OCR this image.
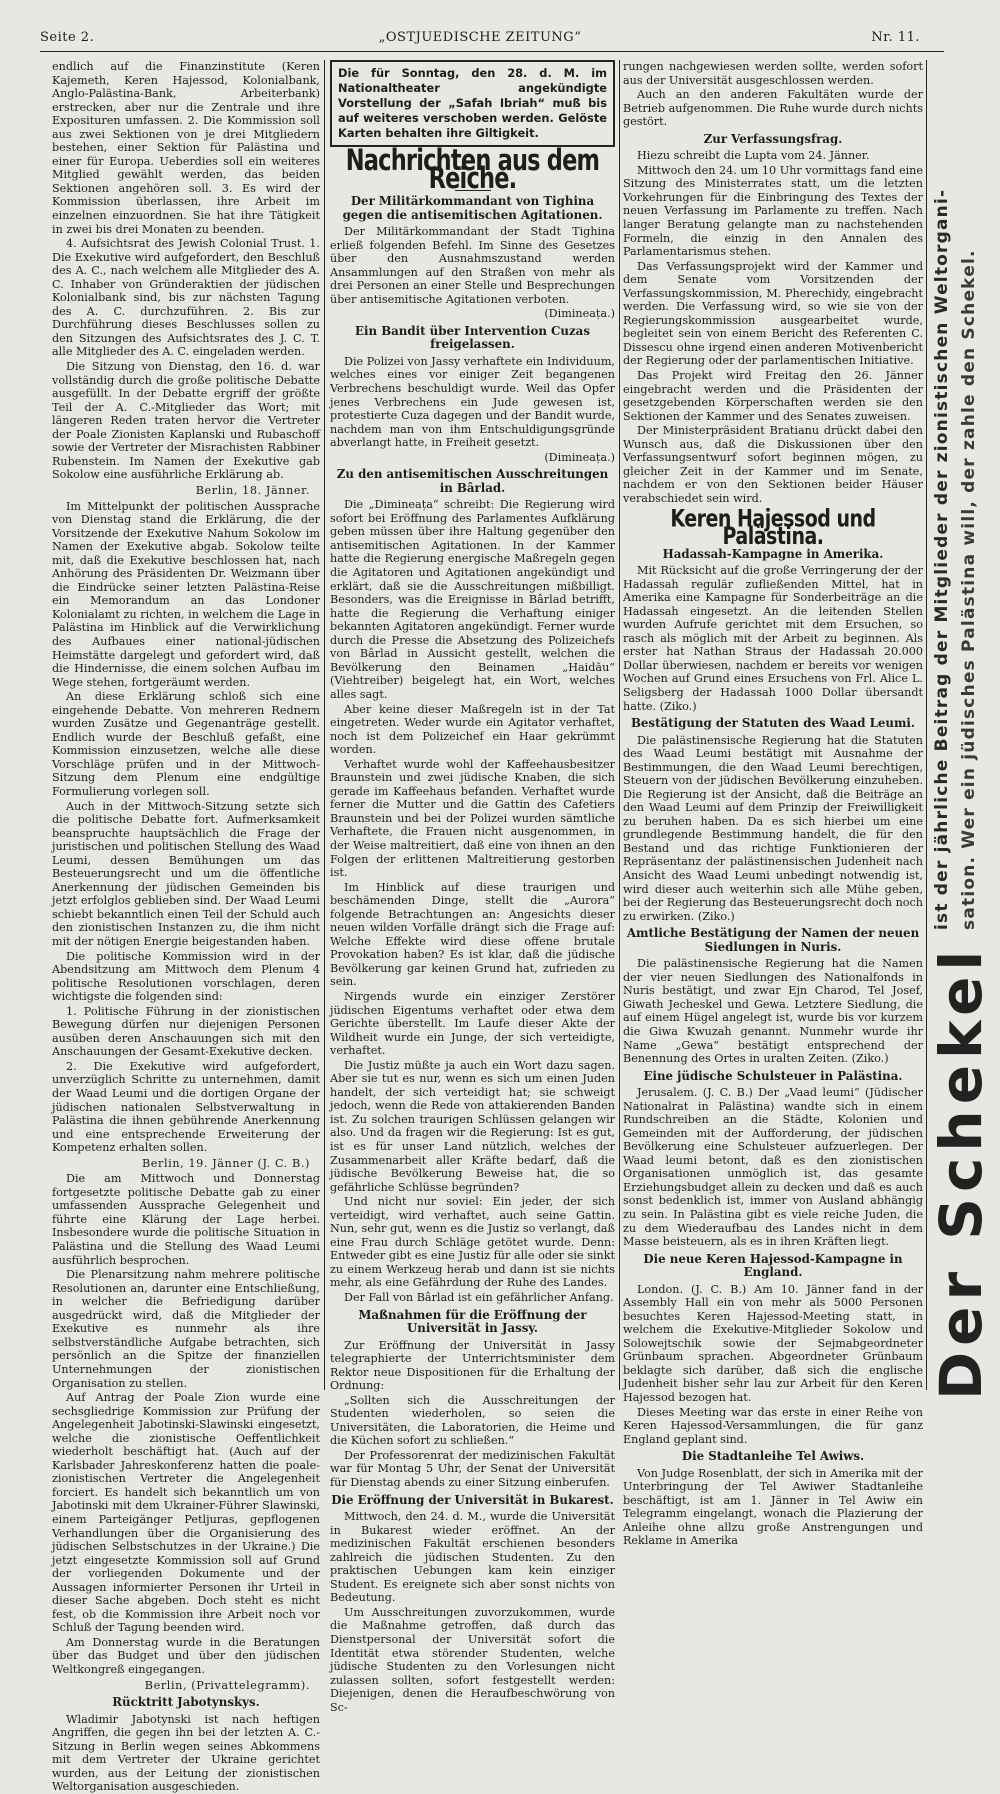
Seite 2.	„OSTJUEDISCHE ZEITUNG“	Nr. 11.

endlich auf die Finanzinstitute (Keren Kajemeth, Keren Hajessod, Kolonialbank, Anglo-Palästina-Bank, Arbeiterbank) erstrecken, aber nur die Zentrale und ihre Exposituren umfassen. 2. Die Kommission soll aus zwei Sektionen von je drei Mitgliedern bestehen, einer Sektion für Palästina und einer für Europa. Ueberdies soll ein weiteres Mitglied gewählt werden, das beiden Sektionen angehören soll. 3. Es wird der Kommission überlassen, ihre Arbeit im einzelnen einzuordnen. Sie hat ihre Tätigkeit in zwei bis drei Monaten zu beenden.

4. Aufsichtsrat des Jewish Colonial Trust. 1. Die Exekutive wird aufgefordert, den Beschluß des A. C., nach welchem alle Mitglieder des A. C. Inhaber von Gründeraktien der jüdischen Kolonialbank sind, bis zur nächsten Tagung des A. C. durchzuführen. 2. Bis zur Durchführung dieses Beschlusses sollen zu den Sitzungen des Aufsichtsrates des J. C. T. alle Mitglieder des A. C. eingeladen werden.

Die Sitzung von Dienstag, den 16. d. war vollständig durch die große politische Debatte ausgefüllt. In der Debatte ergriff der größte Teil der A. C.-Mitglieder das Wort; mit längeren Reden traten hervor die Vertreter der Poale Zionisten Kaplanski und Rubaschoff sowie der Vertreter der Misrachisten Rabbiner Rubenstein. Im Namen der Exekutive gab Sokolow eine ausführliche Erklärung ab.

Berlin, 18. Jänner.

Im Mittelpunkt der politischen Aussprache von Dienstag stand die Erklärung, die der Vorsitzende der Exekutive Nahum Sokolow im Namen der Exekutive abgab. Sokolow teilte mit, daß die Exekutive beschlossen hat, nach Anhörung des Präsidenten Dr. Weizmann über die Eindrücke seiner letzten Palästina-Reise ein Memorandum an das Londoner Kolonialamt zu richten, in welchem die Lage in Palästina im Hinblick auf die Verwirklichung des Aufbaues einer national-jüdischen Heimstätte dargelegt und gefordert wird, daß die Hindernisse, die einem solchen Aufbau im Wege stehen, fortgeräumt werden.

An diese Erklärung schloß sich eine eingehende Debatte. Von mehreren Rednern wurden Zusätze und Gegenanträge gestellt. Endlich wurde der Beschluß gefaßt, eine Kommission einzusetzen, welche alle diese Vorschläge prüfen und in der Mittwoch-Sitzung dem Plenum eine endgültige Formulierung vorlegen soll.

Auch in der Mittwoch-Sitzung setzte sich die politische Debatte fort. Aufmerksamkeit beanspruchte hauptsächlich die Frage der juristischen und politischen Stellung des Waad Leumi, dessen Bemühungen um das Besteuerungsrecht und um die öffentliche Anerkennung der jüdischen Gemeinden bis jetzt erfolglos geblieben sind. Der Waad Leumi schiebt bekanntlich einen Teil der Schuld auch den zionistischen Instanzen zu, die ihm nicht mit der nötigen Energie beigestanden haben.

Die politische Kommission wird in der Abendsitzung am Mittwoch dem Plenum 4 politische Resolutionen vorschlagen, deren wichtigste die folgenden sind:

1. Politische Führung in der zionistischen Bewegung dürfen nur diejenigen Personen ausüben deren Anschauungen sich mit den Anschauungen der Gesamt-Exekutive decken.

2. Die Exekutive wird aufgefordert, unverzüglich Schritte zu unternehmen, damit der Waad Leumi und die dortigen Organe der jüdischen nationalen Selbstverwaltung in Palästina die ihnen gebührende Anerkennung und eine entsprechende Erweiterung der Kompetenz erhalten sollen.

Berlin, 19. Jänner (J. C. B.)

Die am Mittwoch und Donnerstag fortgesetzte politische Debatte gab zu einer umfassenden Aussprache Gelegenheit und führte eine Klärung der Lage herbei. Insbesondere wurde die politische Situation in Palästina und die Stellung des Waad Leumi ausführlich besprochen.

Die Plenarsitzung nahm mehrere politische Resolutionen an, darunter eine Entschließung, in welcher die Befriedigung darüber ausgedrückt wird, daß die Mitglieder der Exekutive es nunmehr als ihre selbstverständliche Aufgabe betrachten, sich persönlich an die Spitze der finanziellen Unternehmungen der zionistischen Organisation zu stellen.

Auf Antrag der Poale Zion wurde eine sechsgliedrige Kommission zur Prüfung der Angelegenheit Jabotinski-Slawinski eingesetzt, welche die zionistische Oeffentlichkeit wiederholt beschäftigt hat. (Auch auf der Karlsbader Jahreskonferenz hatten die poale-zionistischen Vertreter die Angelegenheit forciert. Es handelt sich bekanntlich um von Jabotinski mit dem Ukrainer-Führer Slawinski, einem Parteigänger Petljuras, gepflogenen Verhandlungen über die Organisierung des jüdischen Selbstschutzes in der Ukraine.) Die jetzt eingesetzte Kommission soll auf Grund der vorliegenden Dokumente und der Aussagen informierter Personen ihr Urteil in dieser Sache abgeben. Doch steht es nicht fest, ob die Kommission ihre Arbeit noch vor Schluß der Tagung beenden wird.

Am Donnerstag wurde in die Beratungen über das Budget und über den jüdischen Weltkongreß eingegangen.

Berlin, (Privattelegramm).
Rücktritt Jabotynskys.

Wladimir Jabotynski ist nach heftigen Angriffen, die gegen ihn bei der letzten A. C.-Sitzung in Berlin wegen seines Abkommens mit dem Vertreter der Ukraine gerichtet wurden, aus der Leitung der zionistischen Weltorganisation ausgeschieden.

Die für Sonntag, den 28. d. M. im Nationaltheater angekündigte Vorstellung der „Safah Ibriah“ muß bis auf weiteres verschoben werden. Gelöste Karten behalten ihre Giltigkeit.
Nachrichten aus dem Reiche.
Der Militärkommandant von Tighina gegen die antisemitischen Agitationen.

Der Militärkommandant der Stadt Tighina erließ folgenden Befehl. Im Sinne des Gesetzes über den Ausnahmszustand werden Ansammlungen auf den Straßen von mehr als drei Personen an einer Stelle und Besprechungen über antisemitische Agitationen verboten.

(Dimineața.)
Ein Bandit über Intervention Cuzas freigelassen.

Die Polizei von Jassy verhaftete ein Individuum, welches eines vor einiger Zeit begangenen Verbrechens beschuldigt wurde. Weil das Opfer jenes Verbrechens ein Jude gewesen ist, protestierte Cuza dagegen und der Bandit wurde, nachdem man von ihm Entschuldigungsgründe abverlangt hatte, in Freiheit gesetzt.

(Dimineața.)
Zu den antisemitischen Ausschreitungen in Bârlad.

Die „Dimineața“ schreibt: Die Regierung wird sofort bei Eröffnung des Parlamentes Aufklärung geben müssen über ihre Haltung gegenüber den antisemitischen Agitationen. In der Kammer hatte die Regierung energische Maßregeln gegen die Agitatoren und Agitationen angekündigt und erklärt, daß sie die Ausschreitungen mißbilligt. Besonders, was die Ereignisse in Bârlad betrifft, hatte die Regierung die Verhaftung einiger bekannten Agitatoren angekündigt. Ferner wurde durch die Presse die Absetzung des Polizeichefs von Bârlad in Aussicht gestellt, welchen die Bevölkerung den Beinamen „Haidău“ (Viehtreiber) beigelegt hat, ein Wort, welches alles sagt.

Aber keine dieser Maßregeln ist in der Tat eingetreten. Weder wurde ein Agitator verhaftet, noch ist dem Polizeichef ein Haar gekrümmt worden.

Verhaftet wurde wohl der Kaffeehausbesitzer Braunstein und zwei jüdische Knaben, die sich gerade im Kaffeehaus befanden. Verhaftet wurde ferner die Mutter und die Gattin des Cafetiers Braunstein und bei der Polizei wurden sämtliche Verhaftete, die Frauen nicht ausgenommen, in der Weise maltreitiert, daß eine von ihnen an den Folgen der erlittenen Maltreitierung gestorben ist.

Im Hinblick auf diese traurigen und beschämenden Dinge, stellt die „Aurora“ folgende Betrachtungen an: Angesichts dieser neuen wilden Vorfälle drängt sich die Frage auf: Welche Effekte wird diese offene brutale Provokation haben? Es ist klar, daß die jüdische Bevölkerung gar keinen Grund hat, zufrieden zu sein.

Nirgends wurde ein einziger Zerstörer jüdischen Eigentums verhaftet oder etwa dem Gerichte überstellt. Im Laufe dieser Akte der Wildheit wurde ein Junge, der sich verteidigte, verhaftet.

Die Justiz müßte ja auch ein Wort dazu sagen. Aber sie tut es nur, wenn es sich um einen Juden handelt, der sich verteidigt hat; sie schweigt jedoch, wenn die Rede von attakierenden Banden ist. Zu solchen traurigen Schlüssen gelangen wir also. Und da fragen wir die Regierung: Ist es gut, ist es für unser Land nützlich, welches der Zusammenarbeit aller Kräfte bedarf, daß die jüdische Bevölkerung Beweise hat, die so gefährliche Schlüsse begründen?

Und nicht nur soviel: Ein jeder, der sich verteidigt, wird verhaftet, auch seine Gattin. Nun, sehr gut, wenn es die Justiz so verlangt, daß eine Frau durch Schläge getötet wurde. Denn: Entweder gibt es eine Justiz für alle oder sie sinkt zu einem Werkzeug herab und dann ist sie nichts mehr, als eine Gefährdung der Ruhe des Landes.

Der Fall von Bârlad ist ein gefährlicher Anfang.

Maßnahmen für die Eröffnung der Universität in Jassy.

Zur Eröffnung der Universität in Jassy telegraphierte der Unterrichtsminister dem Rektor neue Dispositionen für die Erhaltung der Ordnung:

„Sollten sich die Ausschreitungen der Studenten wiederholen, so seien die Universitäten, die Laboratorien, die Heime und die Küchen sofort zu schließen.“

Der Professorenrat der medizinischen Fakultät war für Montag 5 Uhr, der Senat der Universität für Dienstag abends zu einer Sitzung einberufen.

Die Eröffnung der Universität in Bukarest.

Mittwoch, den 24. d. M., wurde die Universität in Bukarest wieder eröffnet. An der medizinischen Fakultät erschienen besonders zahlreich die jüdischen Studenten. Zu den praktischen Uebungen kam kein einziger Student. Es ereignete sich aber sonst nichts von Bedeutung.

Um Ausschreitungen zuvorzukommen, wurde die Maßnahme getroffen, daß durch das Dienstpersonal der Universität sofort die Identität etwa störender Studenten, welche jüdische Studenten zu den Vorlesungen nicht zulassen sollten, sofort festgestellt werden: Diejenigen, denen die Heraufbeschwörung von Sc-

rungen nachgewiesen werden sollte, werden sofort aus der Universität ausgeschlossen werden.

Auch an den anderen Fakultäten wurde der Betrieb aufgenommen. Die Ruhe wurde durch nichts gestört.

Zur Verfassungsfrag.

Hiezu schreibt die Lupta vom 24. Jänner.

Mittwoch den 24. um 10 Uhr vormittags fand eine Sitzung des Ministerrates statt, um die letzten Vorkehrungen für die Einbringung des Textes der neuen Verfassung im Parlamente zu treffen. Nach langer Beratung gelangte man zu nachstehenden Formeln, die einzig in den Annalen des Parlamentarismus stehen.

Das Verfassungsprojekt wird der Kammer und dem Senate vom Vorsitzenden der Verfassungskommission, M. Pherechidy, eingebracht werden. Die Verfassung wird, so wie sie von der Regierungskommission ausgearbeitet wurde, begleitet sein von einem Bericht des Referenten C. Dissescu ohne irgend einen anderen Motivenbericht der Regierung oder der parlamentischen Initiative.

Das Projekt wird Freitag den 26. Jänner eingebracht werden und die Präsidenten der gesetzgebenden Körperschaften werden sie den Sektionen der Kammer und des Senates zuweisen.

Der Ministerpräsident Bratianu drückt dabei den Wunsch aus, daß die Diskussionen über den Verfassungsentwurf sofort beginnen mögen, zu gleicher Zeit in der Kammer und im Senate, nachdem er von den Sektionen beider Häuser verabschiedet sein wird.

Keren Hajessod und Palästina.
Hadassah-Kampagne in Amerika.

Mit Rücksicht auf die große Verringerung der der Hadassah regulär zufließenden Mittel, hat in Amerika eine Kampagne für Sonderbeiträge an die Hadassah eingesetzt. An die leitenden Stellen wurden Aufrufe gerichtet mit dem Ersuchen, so rasch als möglich mit der Arbeit zu beginnen. Als erster hat Nathan Straus der Hadassah 20.000 Dollar überwiesen, nachdem er bereits vor wenigen Wochen auf Grund eines Ersuchens von Frl. Alice L. Seligsberg der Hadassah 1000 Dollar übersandt hatte. (Ziko.)

Bestätigung der Statuten des Waad Leumi.

Die palästinensische Regierung hat die Statuten des Waad Leumi bestätigt mit Ausnahme der Bestimmungen, die den Waad Leumi berechtigen, Steuern von der jüdischen Bevölkerung einzuheben. Die Regierung ist der Ansicht, daß die Beiträge an den Waad Leumi auf dem Prinzip der Freiwilligkeit zu beruhen haben. Da es sich hierbei um eine grundlegende Bestimmung handelt, die für den Bestand und das richtige Funktionieren der Repräsentanz der palästinensischen Judenheit nach Ansicht des Waad Leumi unbedingt notwendig ist, wird dieser auch weiterhin sich alle Mühe geben, bei der Regierung das Besteuerungsrecht doch noch zu erwirken. (Ziko.)

Amtliche Bestätigung der Namen der neuen Siedlungen in Nuris.

Die palästinensische Regierung hat die Namen der vier neuen Siedlungen des Nationalfonds in Nuris bestätigt, und zwar Ejn Charod, Tel Josef, Giwath Jecheskel und Gewa. Letztere Siedlung, die auf einem Hügel angelegt ist, wurde bis vor kurzem die Giwa Kwuzah genannt. Nunmehr wurde ihr Name „Gewa“ bestätigt entsprechend der Benennung des Ortes in uralten Zeiten. (Ziko.)

Eine jüdische Schulsteuer in Palästina.

Jerusalem. (J. C. B.) Der „Vaad leumi“ (Jüdischer Nationalrat in Palästina) wandte sich in einem Rundschreiben an die Städte, Kolonien und Gemeinden mit der Aufforderung, der jüdischen Bevölkerung eine Schulsteuer aufzuerlegen. Der Waad leumi betont, daß es den zionistischen Organisationen unmöglich ist, das gesamte Erziehungsbudget allein zu decken und daß es auch sonst bedenklich ist, immer von Ausland abhängig zu sein. In Palästina gibt es viele reiche Juden, die zu dem Wiederaufbau des Landes nicht in dem Masse beisteuern, als es in ihren Kräften liegt.

Die neue Keren Hajessod-Kampagne in England.

London. (J. C. B.) Am 10. Jänner fand in der Assembly Hall ein von mehr als 5000 Personen besuchtes Keren Hajessod-Meeting statt, in welchem die Exekutive-Mitglieder Sokolow und Solowejtschik sowie der Sejmabgeordneter Grünbaum sprachen. Abgeordneter Grünbaum beklagte sich darüber, daß sich die englische Judenheit bisher sehr lau zur Arbeit für den Keren Hajessod bezogen hat.

Dieses Meeting war das erste in einer Reihe von Keren Hajessod-Versammlungen, die für ganz England geplant sind.

Die Stadtanleihe Tel Awiws.

Von Judge Rosenblatt, der sich in Amerika mit der Unterbringung der Tel Awiwer Stadtanleihe beschäftigt, ist am 1. Jänner in Tel Awiw ein Telegramm eingelangt, wonach die Plazierung der Anleihe ohne allzu große Anstrengungen und Reklame in Amerika

Der Schekel
ist der jährliche Beitrag der Mitglieder der zionistischen Weltorgani- sation. Wer ein jüdisches Palästina will, der zahle den Schekel.
